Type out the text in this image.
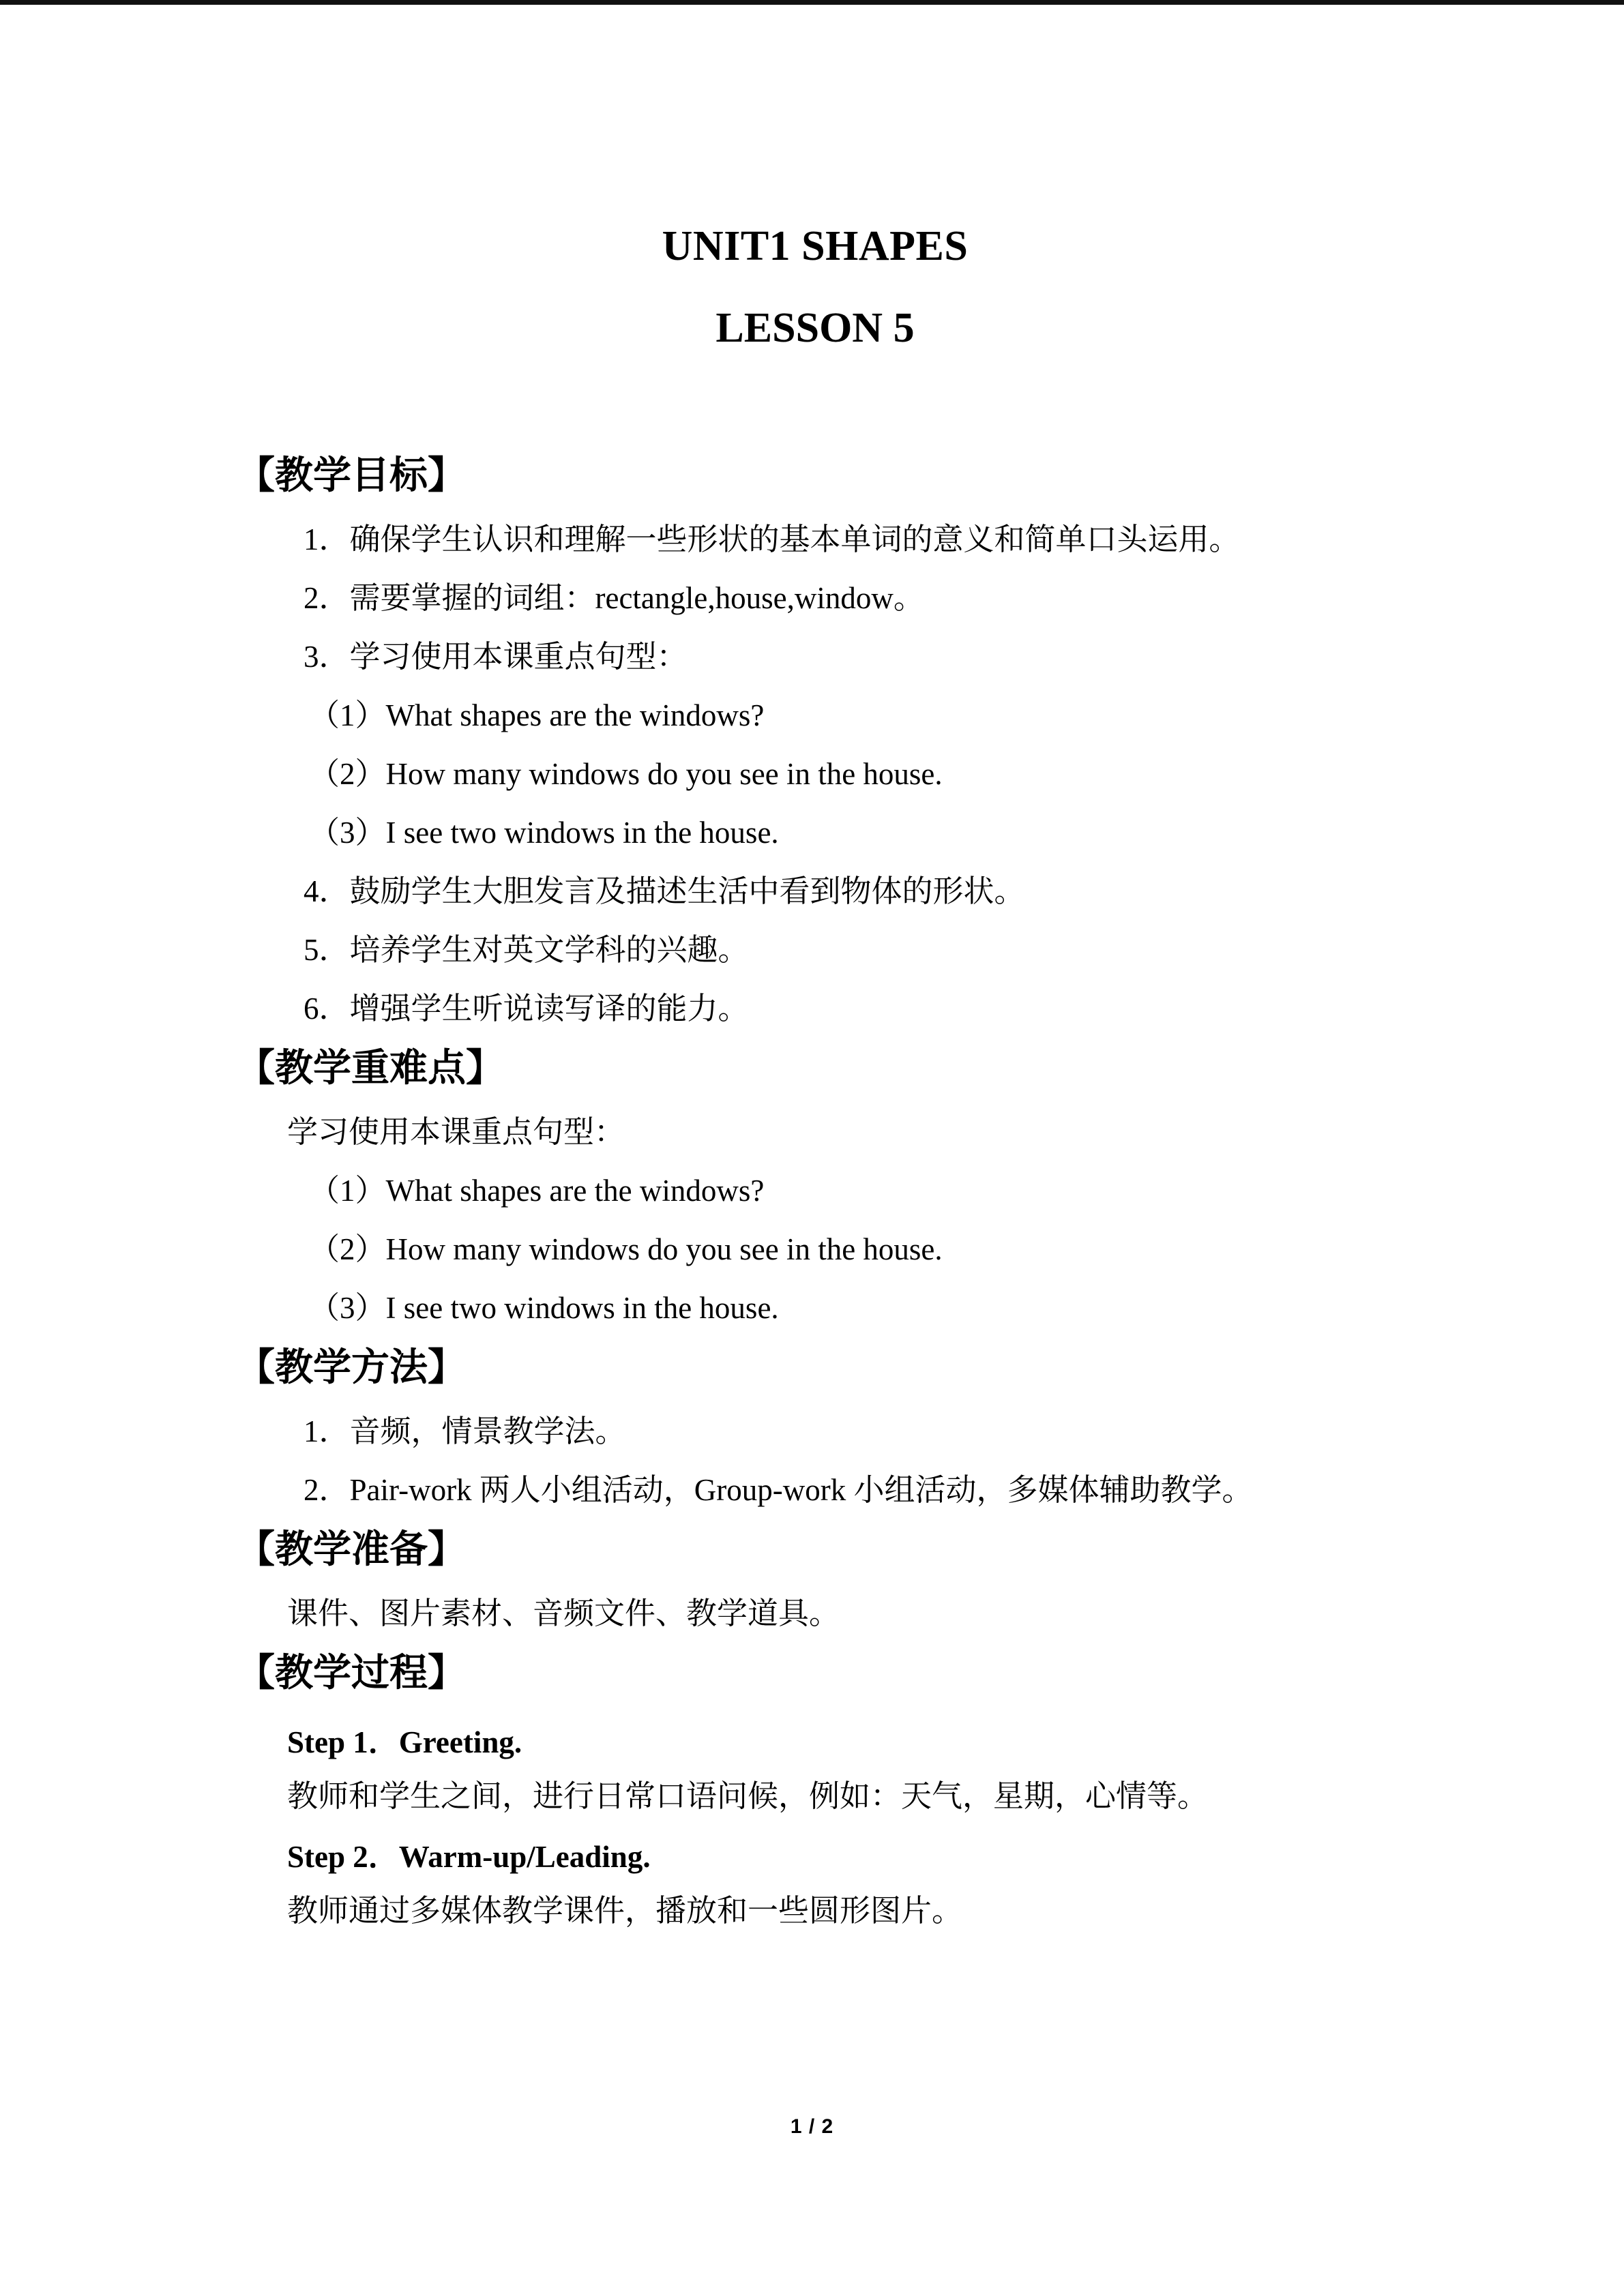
UNIT1 SHAPES
LESSON 5
【教学目标】

1．确保学生认识和理解一些形状的基本单词的意义和简单口头运用。

2．需要掌握的词组：rectangle,house,window。

3．学习使用本课重点句型：

（1）What shapes are the windows?

（2）How many windows do you see in the house.

（3）I see two windows in the house.

4．鼓励学生大胆发言及描述生活中看到物体的形状。

5．培养学生对英文学科的兴趣。

6．增强学生听说读写译的能力。

【教学重难点】

学习使用本课重点句型：

（1）What shapes are the windows?

（2）How many windows do you see in the house.

（3）I see two windows in the house.

【教学方法】

1．音频，情景教学法。

2．Pair-work 两人小组活动，Group-work 小组活动，多媒体辅助教学。

【教学准备】

课件、图片素材、音频文件、教学道具。

【教学过程】

Step 1．Greeting.

教师和学生之间，进行日常口语问候，例如：天气，星期，心情等。

Step 2．Warm-up/Leading.

教师通过多媒体教学课件，播放和一些圆形图片。

1 / 2
